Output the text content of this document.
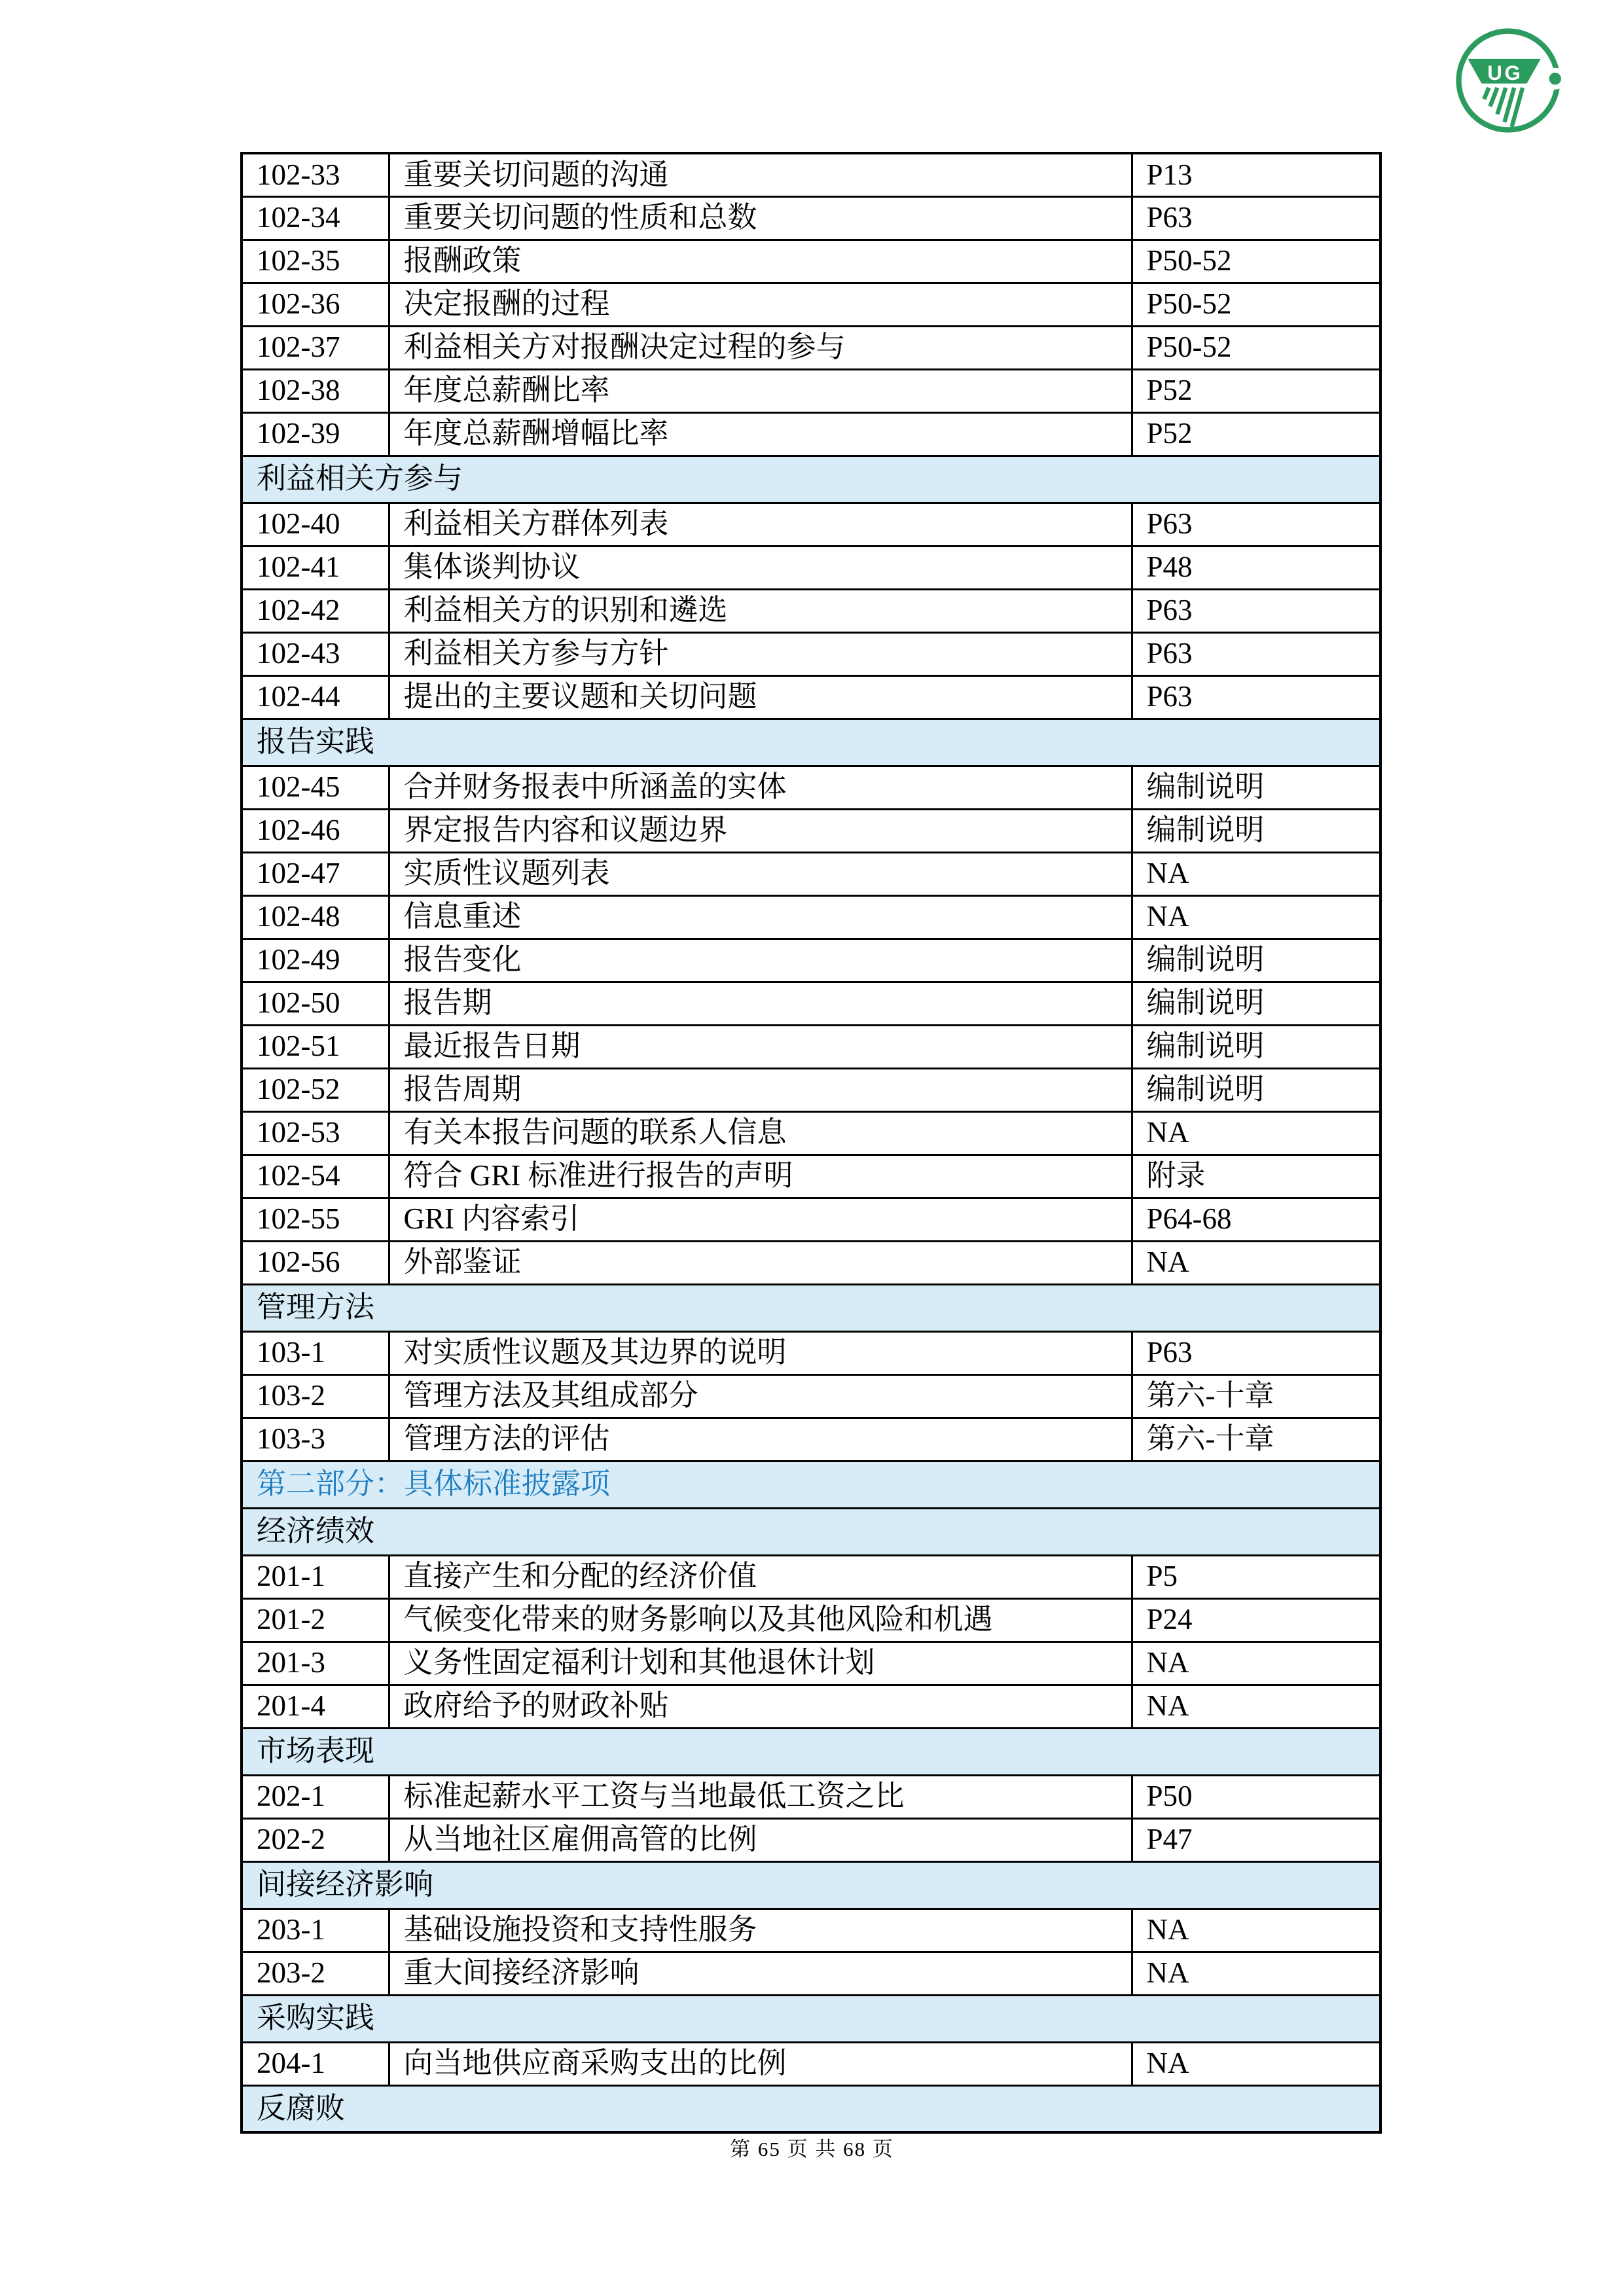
UG
102-33	重要关切问题的沟通	P13
102-34	重要关切问题的性质和总数	P63
102-35	报酬政策	P50-52
102-36	决定报酬的过程	P50-52
102-37	利益相关方对报酬决定过程的参与	P50-52
102-38	年度总薪酬比率	P52
102-39	年度总薪酬增幅比率	P52
利益相关方参与		
102-40	利益相关方群体列表	P63
102-41	集体谈判协议	P48
102-42	利益相关方的识别和遴选	P63
102-43	利益相关方参与方针	P63
102-44	提出的主要议题和关切问题	P63
报告实践		
102-45	合并财务报表中所涵盖的实体	编制说明
102-46	界定报告内容和议题边界	编制说明
102-47	实质性议题列表	NA
102-48	信息重述	NA
102-49	报告变化	编制说明
102-50	报告期	编制说明
102-51	最近报告日期	编制说明
102-52	报告周期	编制说明
102-53	有关本报告问题的联系人信息	NA
102-54	符合 GRI 标准进行报告的声明	附录
102-55	GRI 内容索引	P64-68
102-56	外部鉴证	NA
管理方法		
103-1	对实质性议题及其边界的说明	P63
103-2	管理方法及其组成部分	第六-十章
103-3	管理方法的评估	第六-十章
第二部分：具体标准披露项		
经济绩效		
201-1	直接产生和分配的经济价值	P5
201-2	气候变化带来的财务影响以及其他风险和机遇	P24
201-3	义务性固定福利计划和其他退休计划	NA
201-4	政府给予的财政补贴	NA
市场表现		
202-1	标准起薪水平工资与当地最低工资之比	P50
202-2	从当地社区雇佣高管的比例	P47
间接经济影响		
203-1	基础设施投资和支持性服务	NA
203-2	重大间接经济影响	NA
采购实践		
204-1	向当地供应商采购支出的比例	NA
反腐败		
第 65 页 共 68 页
